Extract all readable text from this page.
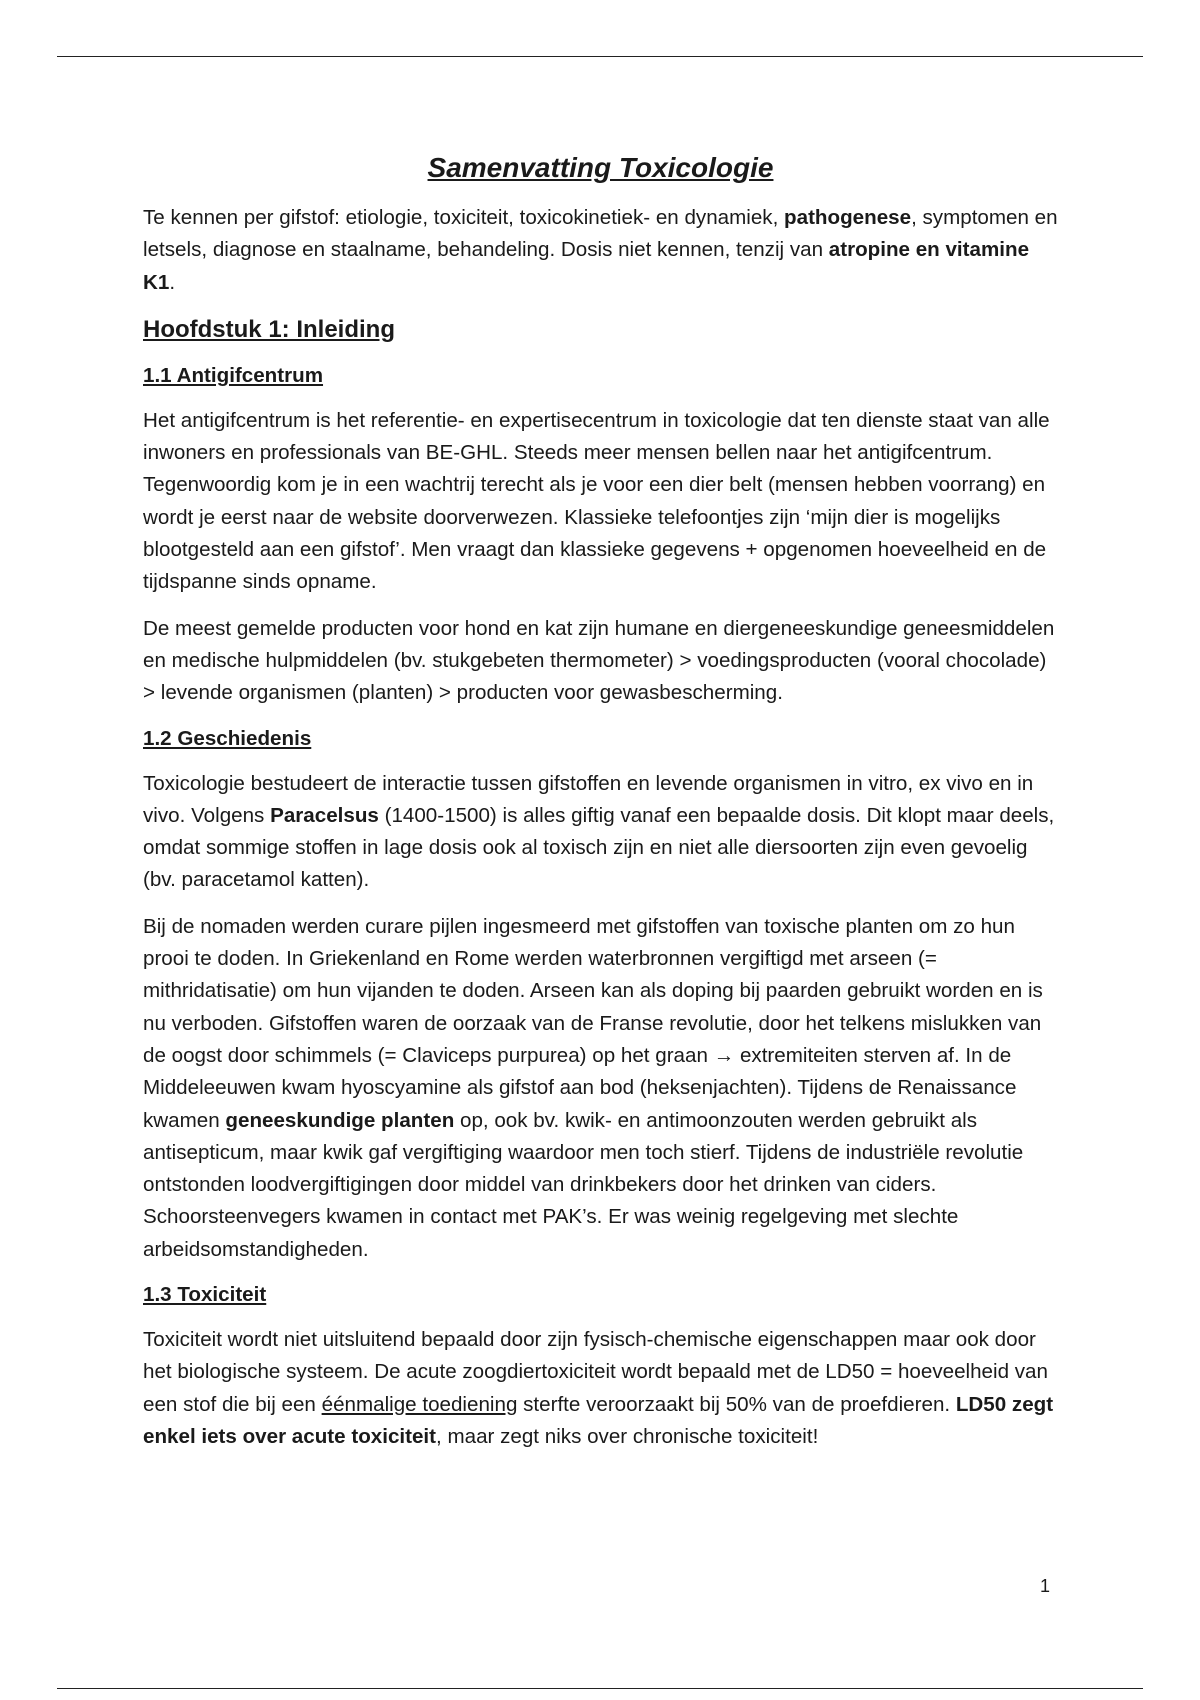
Samenvatting Toxicologie

Te kennen per gifstof: etiologie, toxiciteit, toxicokinetiek- en dynamiek, pathogenese, symptomen en letsels, diagnose en staalname, behandeling. Dosis niet kennen, tenzij van atropine en vitamine K1.

Hoofdstuk 1: Inleiding
1.1 Antigifcentrum

Het antigifcentrum is het referentie- en expertisecentrum in toxicologie dat ten dienste staat van alle inwoners en professionals van BE-GHL. Steeds meer mensen bellen naar het antigifcentrum. Tegenwoordig kom je in een wachtrij terecht als je voor een dier belt (mensen hebben voorrang) en wordt je eerst naar de website doorverwezen. Klassieke telefoontjes zijn ‘mijn dier is mogelijks blootgesteld aan een gifstof’. Men vraagt dan klassieke gegevens + opgenomen hoeveelheid en de tijdspanne sinds opname.

De meest gemelde producten voor hond en kat zijn humane en diergeneeskundige geneesmiddelen en medische hulpmiddelen (bv. stukgebeten thermometer) > voedingsproducten (vooral chocolade) > levende organismen (planten) > producten voor gewasbescherming.

1.2 Geschiedenis

Toxicologie bestudeert de interactie tussen gifstoffen en levende organismen in vitro, ex vivo en in vivo. Volgens Paracelsus (1400-1500) is alles giftig vanaf een bepaalde dosis. Dit klopt maar deels, omdat sommige stoffen in lage dosis ook al toxisch zijn en niet alle diersoorten zijn even gevoelig (bv. paracetamol katten).

Bij de nomaden werden curare pijlen ingesmeerd met gifstoffen van toxische planten om zo hun prooi te doden. In Griekenland en Rome werden waterbronnen vergiftigd met arseen (= mithridatisatie) om hun vijanden te doden. Arseen kan als doping bij paarden gebruikt worden en is nu verboden. Gifstoffen waren de oorzaak van de Franse revolutie, door het telkens mislukken van de oogst door schimmels (= Claviceps purpurea) op het graan → extremiteiten sterven af. In de Middeleeuwen kwam hyoscyamine als gifstof aan bod (heksenjachten). Tijdens de Renaissance kwamen geneeskundige planten op, ook bv. kwik- en antimoonzouten werden gebruikt als antisepticum, maar kwik gaf vergiftiging waardoor men toch stierf. Tijdens de industriële revolutie ontstonden loodvergiftigingen door middel van drinkbekers door het drinken van ciders. Schoorsteenvegers kwamen in contact met PAK’s. Er was weinig regelgeving met slechte arbeidsomstandigheden.

1.3 Toxiciteit

Toxiciteit wordt niet uitsluitend bepaald door zijn fysisch-chemische eigenschappen maar ook door het biologische systeem. De acute zoogdiertoxiciteit wordt bepaald met de LD50 = hoeveelheid van een stof die bij een éénmalige toediening sterfte veroorzaakt bij 50% van de proefdieren. LD50 zegt enkel iets over acute toxiciteit, maar zegt niks over chronische toxiciteit!

1
